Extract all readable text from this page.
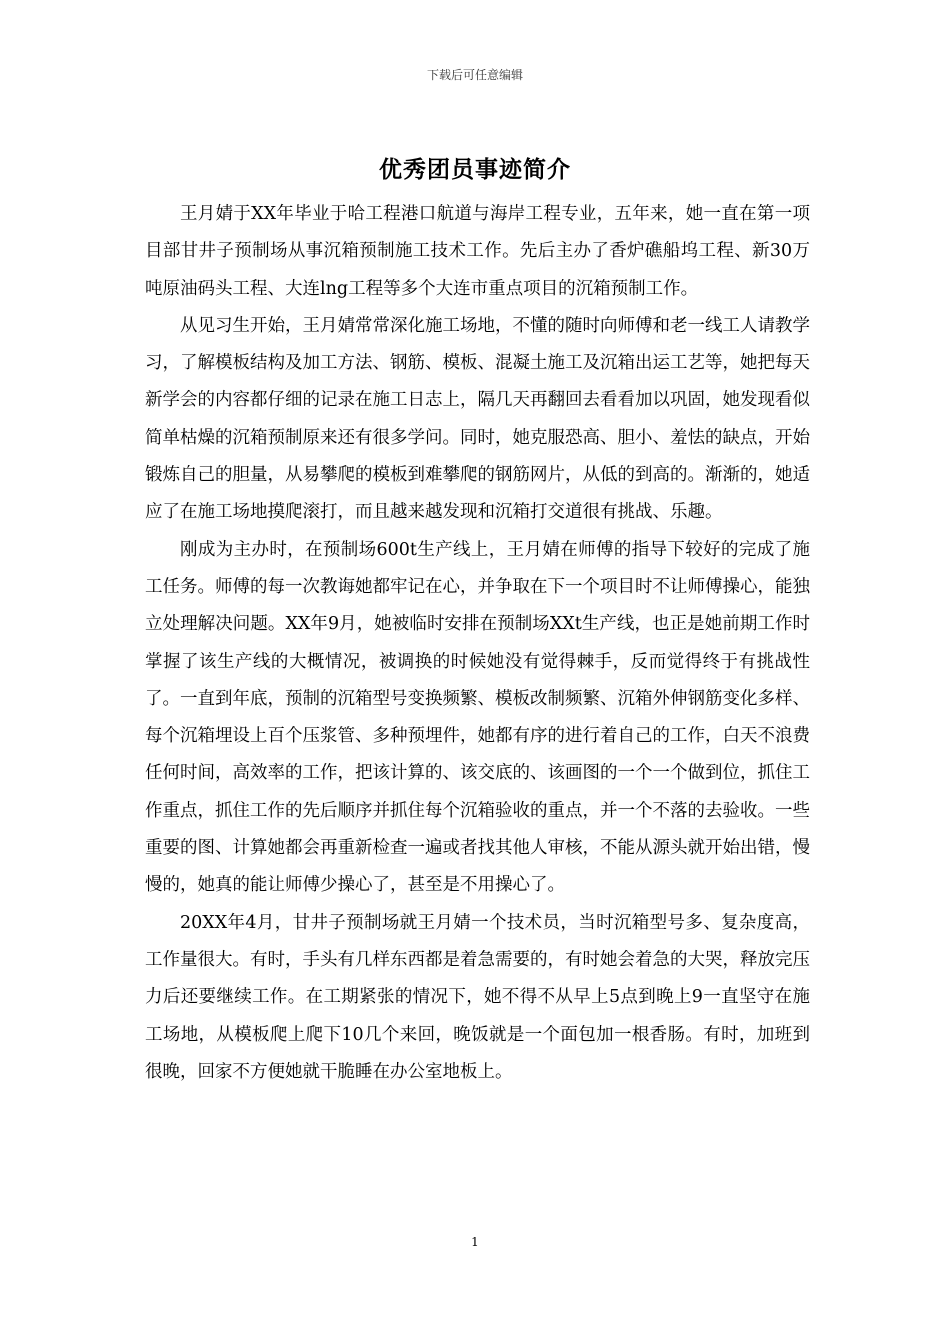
下载后可任意编辑
优秀团员事迹简介

王月婧于XX年毕业于哈工程港口航道与海岸工程专业，五年来，她一直在第一项目部甘井子预制场从事沉箱预制施工技术工作。先后主办了香炉礁船坞工程、新30万吨原油码头工程、大连lng工程等多个大连市重点项目的沉箱预制工作。

从见习生开始，王月婧常常深化施工场地，不懂的随时向师傅和老一线工人请教学习，了解模板结构及加工方法、钢筋、模板、混凝土施工及沉箱出运工艺等，她把每天新学会的内容都仔细的记录在施工日志上，隔几天再翻回去看看加以巩固，她发现看似简单枯燥的沉箱预制原来还有很多学问。同时，她克服恐高、胆小、羞怯的缺点，开始锻炼自己的胆量，从易攀爬的模板到难攀爬的钢筋网片，从低的到高的。渐渐的，她适应了在施工场地摸爬滚打，而且越来越发现和沉箱打交道很有挑战、乐趣。

刚成为主办时，在预制场600t生产线上，王月婧在师傅的指导下较好的完成了施工任务。师傅的每一次教诲她都牢记在心，并争取在下一个项目时不让师傅操心，能独立处理解决问题。XX年9月，她被临时安排在预制场XXt生产线，也正是她前期工作时掌握了该生产线的大概情况，被调换的时候她没有觉得棘手，反而觉得终于有挑战性了。一直到年底，预制的沉箱型号变换频繁、模板改制频繁、沉箱外伸钢筋变化多样、每个沉箱埋设上百个压浆管、多种预埋件，她都有序的进行着自己的工作，白天不浪费任何时间，高效率的工作，把该计算的、该交底的、该画图的一个一个做到位，抓住工作重点，抓住工作的先后顺序并抓住每个沉箱验收的重点，并一个不落的去验收。一些重要的图、计算她都会再重新检查一遍或者找其他人审核，不能从源头就开始出错，慢慢的，她真的能让师傅少操心了，甚至是不用操心了。

20XX年4月，甘井子预制场就王月婧一个技术员，当时沉箱型号多、复杂度高，工作量很大。有时，手头有几样东西都是着急需要的，有时她会着急的大哭，释放完压力后还要继续工作。在工期紧张的情况下，她不得不从早上5点到晚上9一直坚守在施工场地，从模板爬上爬下10几个来回，晚饭就是一个面包加一根香肠。有时，加班到很晚，回家不方便她就干脆睡在办公室地板上。

1
